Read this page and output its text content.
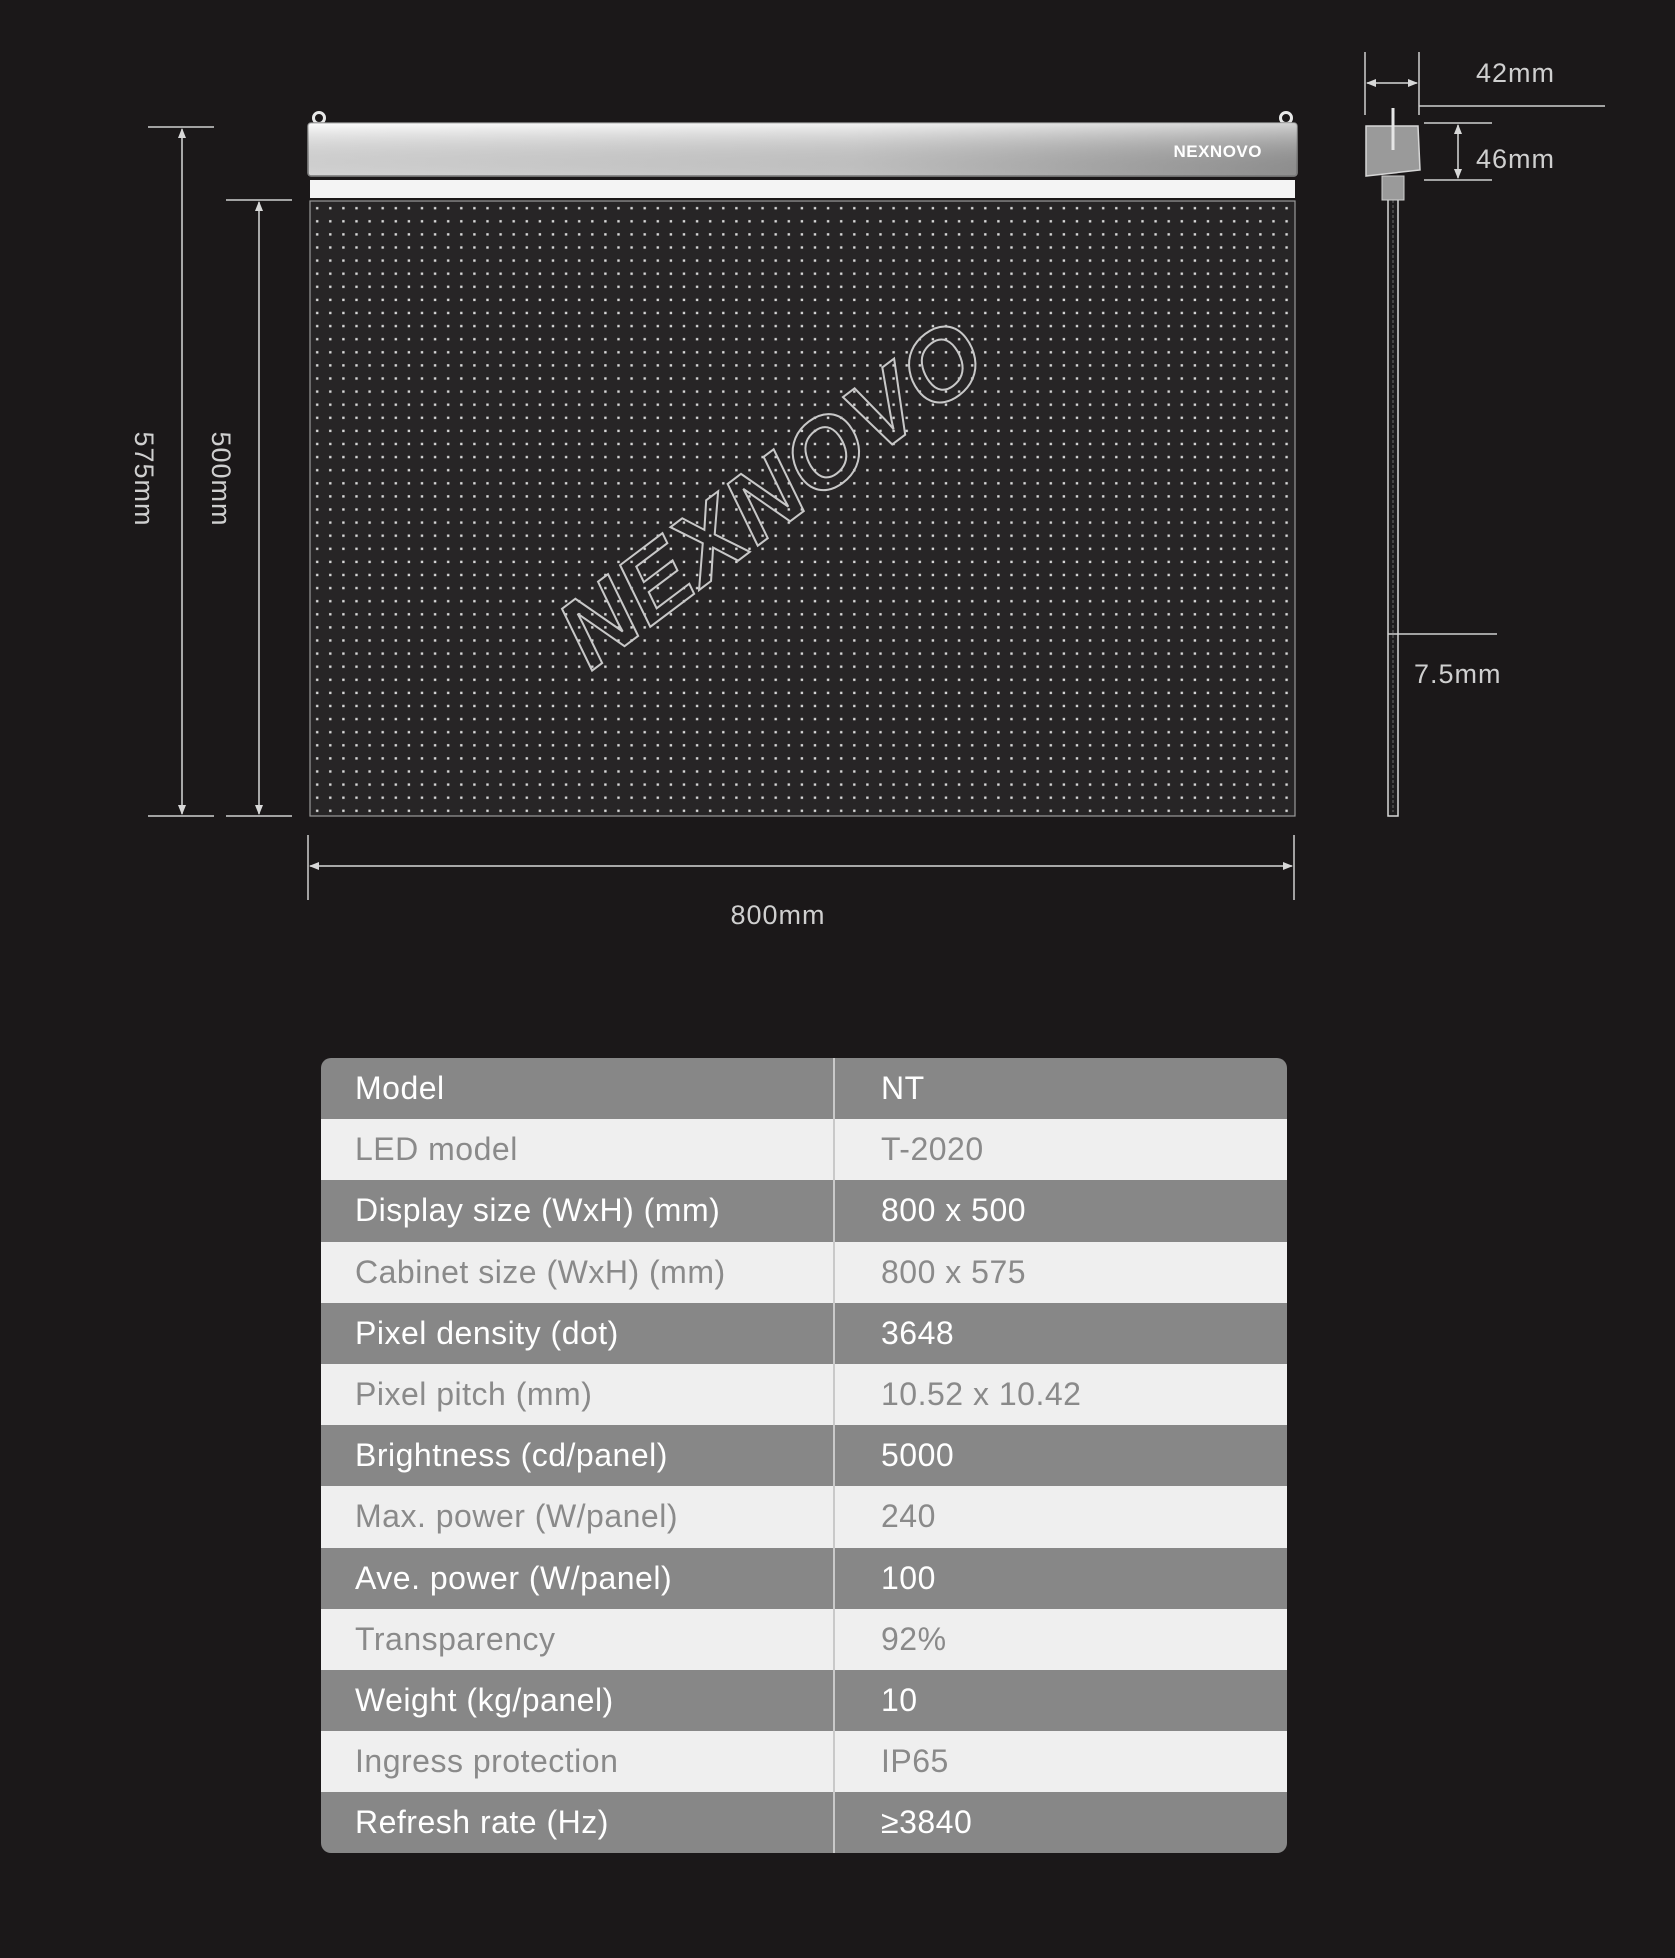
NEXNOVO
NEXNOVO
575mm 500mm
800mm
42mm
46mm
7.5mm
Model	NT
LED model	T-2020
Display size (WxH) (mm)	800 x 500
Cabinet size (WxH) (mm)	800 x 575
Pixel density (dot)	3648
Pixel pitch (mm)	10.52 x 10.42
Brightness (cd/panel)	5000
Max. power (W/panel)	240
Ave. power (W/panel)	100
Transparency	92%
Weight (kg/panel)	10
Ingress protection	IP65
Refresh rate (Hz)	≥3840
